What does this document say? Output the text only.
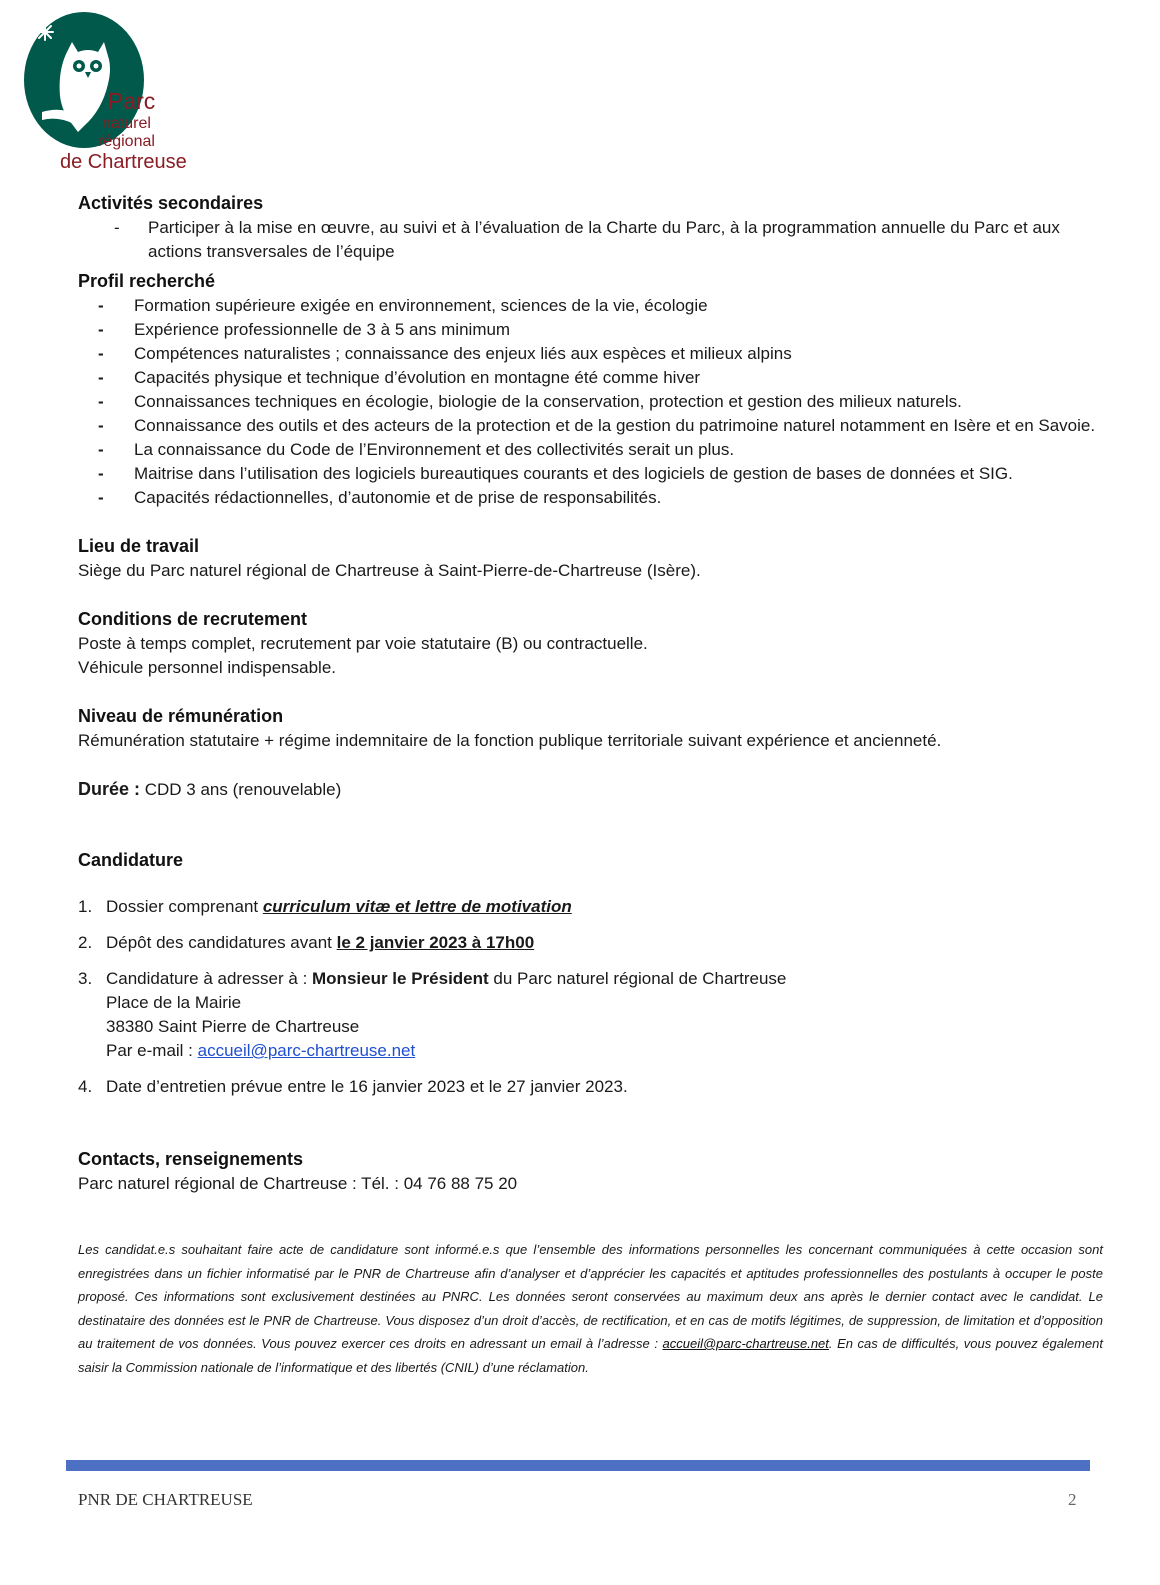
Parc
naturel
régional
de Chartreuse
Activités secondaires
- Participer à la mise en œuvre, au suivi et à l’évaluation de la Charte du Parc, à la programmation annuelle du Parc et aux actions transversales de l’équipe
Profil recherché
- Formation supérieure exigée en environnement, sciences de la vie, écologie
- Expérience professionnelle de 3 à 5 ans minimum
- Compétences naturalistes ; connaissance des enjeux liés aux espèces et milieux alpins
- Capacités physique et technique d’évolution en montagne été comme hiver
- Connaissances techniques en écologie, biologie de la conservation, protection et gestion des milieux naturels.
- Connaissance des outils et des acteurs de la protection et de la gestion du patrimoine naturel notamment en Isère et en Savoie.
- La connaissance du Code de l’Environnement et des collectivités serait un plus.
- Maitrise dans l’utilisation des logiciels bureautiques courants et des logiciels de gestion de bases de données et SIG.
- Capacités rédactionnelles, d’autonomie et de prise de responsabilités.
Lieu de travail

Siège du Parc naturel régional de Chartreuse à Saint-Pierre-de-Chartreuse (Isère).

Conditions de recrutement

Poste à temps complet, recrutement par voie statutaire (B) ou contractuelle.

Véhicule personnel indispensable.

Niveau de rémunération

Rémunération statutaire + régime indemnitaire de la fonction publique territoriale suivant expérience et ancienneté.

Durée : CDD 3 ans (renouvelable)

Candidature
1. Dossier comprenant curriculum vitæ et lettre de motivation
2. Dépôt des candidatures avant le 2 janvier 2023 à 17h00
3. Candidature à adresser à : Monsieur le Président du Parc naturel régional de Chartreuse
Place de la Mairie
38380 Saint Pierre de Chartreuse
Par e-mail : accueil@parc-chartreuse.net
4. Date d’entretien prévue entre le 16 janvier 2023 et le 27 janvier 2023.
Contacts, renseignements

Parc naturel régional de Chartreuse : Tél. : 04 76 88 75 20

Les candidat.e.s souhaitant faire acte de candidature sont informé.e.s que l’ensemble des informations personnelles les concernant communiquées à cette occasion sont enregistrées dans un fichier informatisé par le PNR de Chartreuse afin d’analyser et d’apprécier les capacités et aptitudes professionnelles des postulants à occuper le poste proposé. Ces informations sont exclusivement destinées au PNRC. Les données seront conservées au maximum deux ans après le dernier contact avec le candidat. Le destinataire des données est le PNR de Chartreuse. Vous disposez d’un droit d’accès, de rectification, et en cas de motifs légitimes, de suppression, de limitation et d’opposition au traitement de vos données. Vous pouvez exercer ces droits en adressant un email à l’adresse : accueil@parc-chartreuse.net. En cas de difficultés, vous pouvez également saisir la Commission nationale de l’informatique et des libertés (CNIL) d’une réclamation.

PNR DE CHARTREUSE	2
